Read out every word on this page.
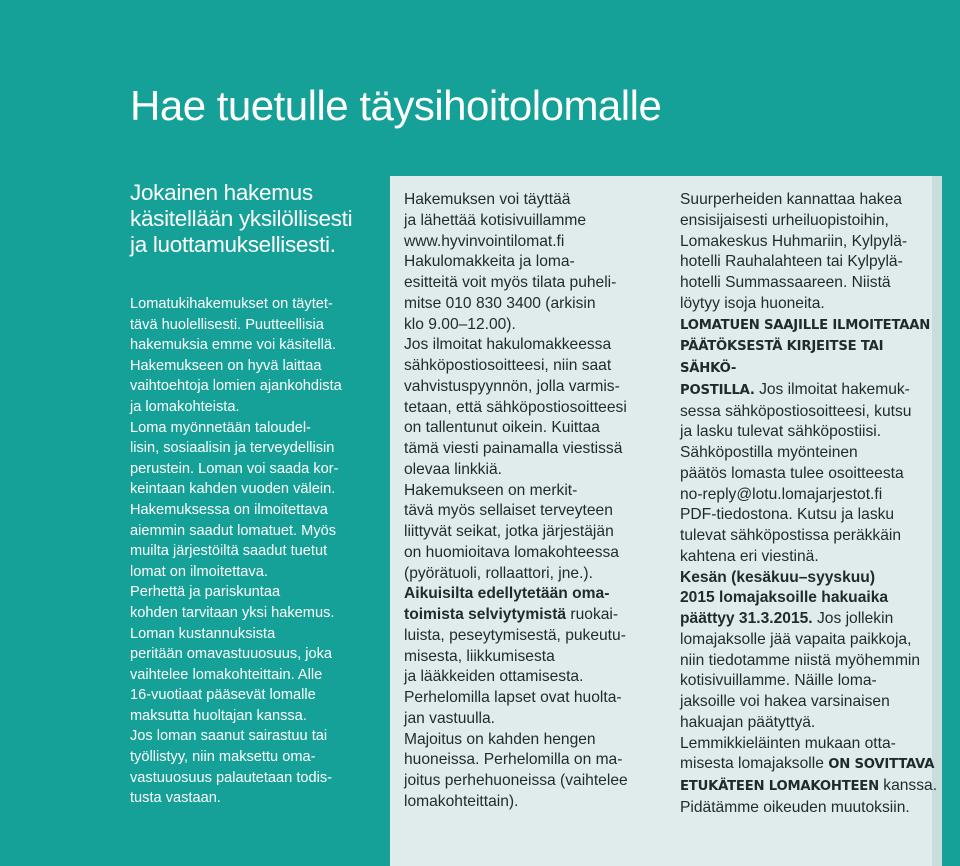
Hae tuetulle täysihoitolomalle

Jokainen hakemus
käsitellään yksilöllisesti
ja luottamuksellisesti.

Lomatukihakemukset on täytet-
tävä huolellisesti. Puutteellisia
hakemuksia emme voi käsitellä.

Hakemukseen on hyvä laittaa
vaihtoehtoja lomien ajankohdista
ja lomakohteista.

Loma myönnetään taloudel-
lisin, sosiaalisin ja terveydellisin
perustein. Loman voi saada kor-
keintaan kahden vuoden välein.
Hakemuksessa on ilmoitettava
aiemmin saadut lomatuet. Myös
muilta järjestöiltä saadut tuetut
lomat on ilmoitettava.

Perhettä ja pariskuntaa
kohden tarvitaan yksi hakemus.

Loman kustannuksista
peritään omavastuuosuus, joka
vaihtelee lomakohteittain. Alle
16-vuotiaat pääsevät lomalle
maksutta huoltajan kanssa.
Jos loman saanut sairastuu tai
työllistyy, niin maksettu oma-
vastuuosuus palautetaan todis-
tusta vastaan.

Hakemuksen voi täyttää
ja lähettää kotisivuillamme
www.hyvinvointilomat.fi

Hakulomakkeita ja loma-
esitteitä voit myös tilata puheli-
mitse 010 830 3400 (arkisin
klo 9.00–12.00).

Jos ilmoitat hakulomakkeessa
sähköpostiosoitteesi, niin saat
vahvistuspyynnön, jolla varmis-
tetaan, että sähköpostiosoitteesi
on tallentunut oikein. Kuittaa
tämä viesti painamalla viestissä
olevaa linkkiä.

Hakemukseen on merkit-
tävä myös sellaiset terveyteen
liittyvät seikat, jotka järjestäjän
on huomioitava lomakohteessa
(pyörätuoli, rollaattori, jne.).

Aikuisilta edellytetään oma-
toimista selviytymistä ruokai-
luista, peseytymisestä, pukeutu-
misesta, liikkumisesta
ja lääkkeiden ottamisesta.
Perhelomilla lapset ovat huolta-
jan vastuulla.

Majoitus on kahden hengen
huoneissa. Perhelomilla on ma-
joitus perhehuoneissa (vaihtelee
lomakohteittain).

Suurperheiden kannattaa hakea
ensisijaisesti urheiluopistoihin,
Lomakeskus Huhmariin, Kylpylä-
hotelli Rauhalahteen tai Kylpylä-
hotelli Summassaareen. Niistä
löytyy isoja huoneita.

LOMATUEN SAAJILLE ILMOITETAAN
PÄÄTÖKSESTÄ KIRJEITSE TAI SÄHKÖ-
POSTILLA. Jos ilmoitat hakemuk-
sessa sähköpostiosoitteesi, kutsu
ja lasku tulevat sähköpostiisi.

Sähköpostilla myönteinen
päätös lomasta tulee osoitteesta
no-reply@lotu.lomajarjestot.fi
PDF-tiedostona. Kutsu ja lasku
tulevat sähköpostissa peräkkäin
kahtena eri viestinä.

Kesän (kesäkuu–syyskuu)
2015 lomajaksoille hakuaika
päättyy 31.3.2015. Jos jollekin
lomajaksolle jää vapaita paikkoja,
niin tiedotamme niistä myöhemmin
kotisivuillamme. Näille loma-
jaksoille voi hakea varsinaisen
hakuajan päätyttyä.

Lemmikkieläinten mukaan otta-
misesta lomajaksolle ON SOVITTAVA
ETUKÄTEEN LOMAKOHTEEN kanssa.
Pidätämme oikeuden muutoksiin.
